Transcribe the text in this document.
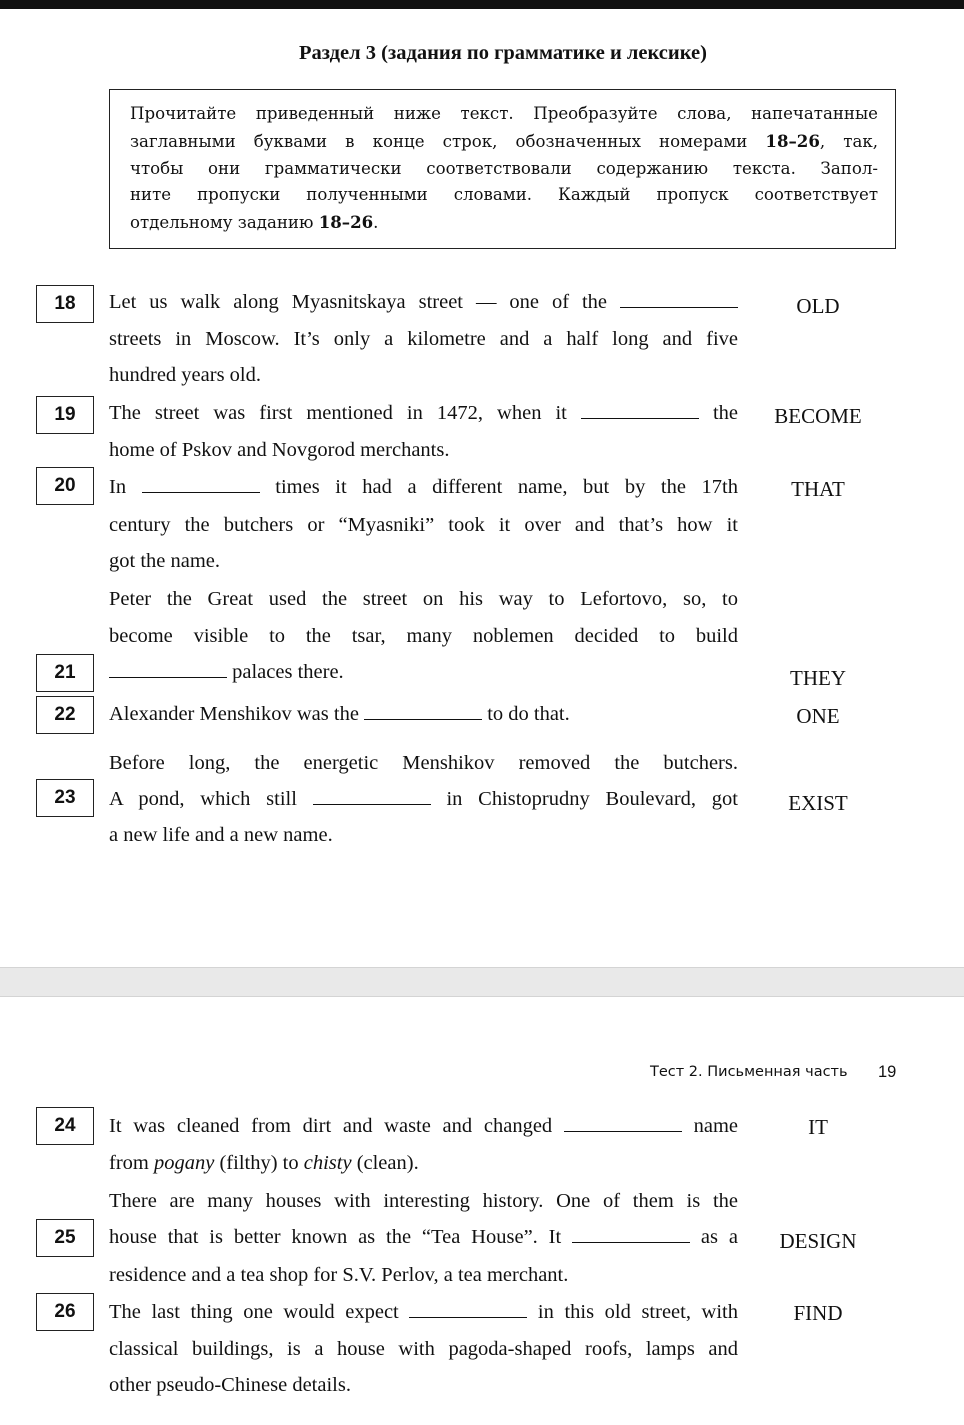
Раздел 3 (задания по грамматике и лексике)
Прочитайте приведенный ниже текст. Преобразуйте слова, напечатанные
заглавными буквами в конце строк, обозначенных номерами 18–26, так,
чтобы они грамматически соответствовали содержанию текста. Запол-
ните пропуски полученными словами. Каждый пропуск соответствует
отдельному заданию 18–26.
18	Let us walk along Myasnitskaya street — one of the	OLD
streets in Moscow. It’s only a kilometre and a half long and five
hundred years old.
19	The street was first mentioned in 1472, when it	the	BECOME
home of Pskov and Novgorod merchants.
20	In	times it had a different name, but by the 17th	THAT
century the butchers or “Myasniki” took it over and that’s how it
got the name.
Peter the Great used the street on his way to Lefortovo, so, to
become visible to the tsar, many noblemen decided to build
21	palaces there.	THEY
22	Alexander Menshikov was the	to do that.	ONE
Before long, the energetic Menshikov removed the butchers.
23	A pond, which still	in Chistoprudny Boulevard, got	EXIST
a new life and a new name.
Тест 2. Письменная часть 19
24	It was cleaned from dirt and waste and changed	name	IT
from pogany (filthy) to chisty (clean).
There are many houses with interesting history. One of them is the
25	house that is better known as the “Tea House”. It	as a	DESIGN
residence and a tea shop for S.V. Perlov, a tea merchant.
26	The last thing one would expect	in this old street, with	FIND
classical buildings, is a house with pagoda-shaped roofs, lamps and
other pseudo-Chinese details.
